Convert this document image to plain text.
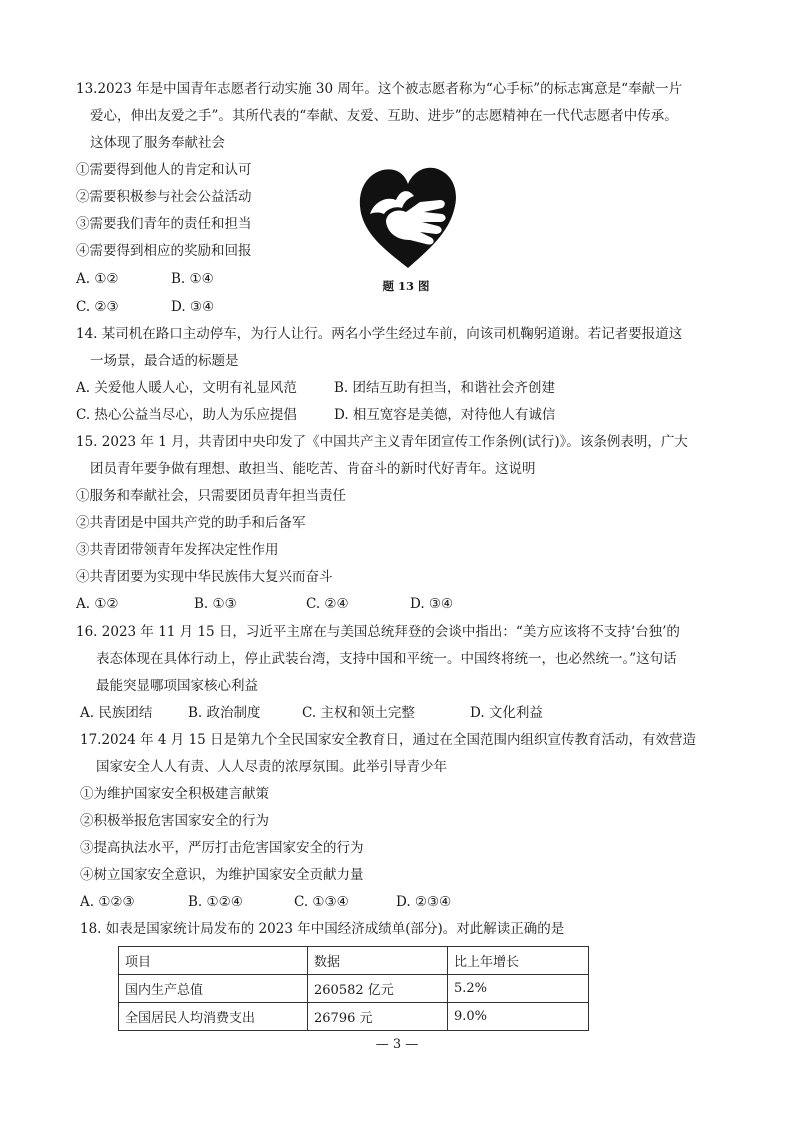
13.2023 年是中国青年志愿者行动实施 30 周年。这个被志愿者称为“心手标”的标志寓意是“奉献一片
爱心，伸出友爱之手”。其所代表的“奉献、友爱、互助、进步”的志愿精神在一代代志愿者中传承。
这体现了服务奉献社会
①需要得到他人的肯定和认可
②需要积极参与社会公益活动
③需要我们青年的责任和担当
④需要得到相应的奖励和回报
A. ①②	B. ①④
C. ②③	D. ③④
题 13 图
14. 某司机在路口主动停车，为行人让行。两名小学生经过车前，向该司机鞠躬道谢。若记者要报道这
一场景，最合适的标题是
A. 关爱他人暖人心，文明有礼显风范	B. 团结互助有担当，和谐社会齐创建
C. 热心公益当尽心，助人为乐应提倡	D. 相互宽容是美德，对待他人有诚信
15. 2023 年 1 月，共青团中央印发了《中国共产主义青年团宣传工作条例(试行)》。该条例表明，广大
团员青年要争做有理想、敢担当、能吃苦、肯奋斗的新时代好青年。这说明
①服务和奉献社会，只需要团员青年担当责任
②共青团是中国共产党的助手和后备军
③共青团带领青年发挥决定性作用
④共青团要为实现中华民族伟大复兴而奋斗
A. ①②	B. ①③	C. ②④	D. ③④
16. 2023 年 11 月 15 日，习近平主席在与美国总统拜登的会谈中指出：“美方应该将不支持‘台独’的
表态体现在具体行动上，停止武装台湾，支持中国和平统一。中国终将统一，也必然统一。”这句话
最能突显哪项国家核心利益
A. 民族团结	B. 政治制度	C. 主权和领土完整	D. 文化利益
17.2024 年 4 月 15 日是第九个全民国家安全教育日，通过在全国范围内组织宣传教育活动，有效营造
国家安全人人有责、人人尽责的浓厚氛围。此举引导青少年
①为维护国家安全积极建言献策
②积极举报危害国家安全的行为
③提高执法水平，严厉打击危害国家安全的行为
④树立国家安全意识，为维护国家安全贡献力量
A. ①②③	B. ①②④	C. ①③④	D. ②③④
18. 如表是国家统计局发布的 2023 年中国经济成绩单(部分)。对此解读正确的是
项目	数据	比上年增长
国内生产总值	260582 亿元	5.2%
全国居民人均消费支出	26796 元	9.0%
— 3 —
